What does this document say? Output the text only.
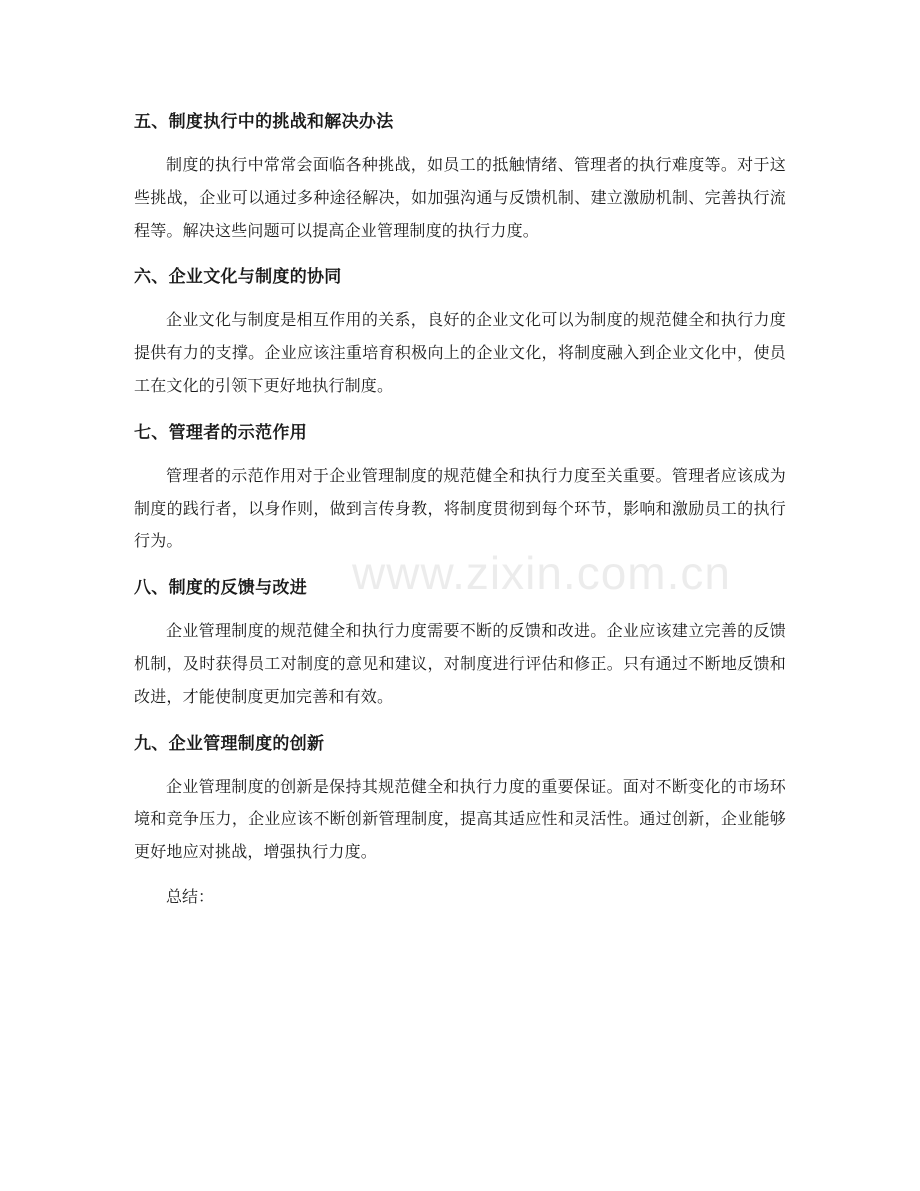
www.zixin.com.cn
五、制度执行中的挑战和解决办法

制度的执行中常常会面临各种挑战，如员工的抵触情绪、管理者的执行难度等。对于这些挑战，企业可以通过多种途径解决，如加强沟通与反馈机制、建立激励机制、完善执行流程等。解决这些问题可以提高企业管理制度的执行力度。

六、企业文化与制度的协同

企业文化与制度是相互作用的关系，良好的企业文化可以为制度的规范健全和执行力度提供有力的支撑。企业应该注重培育积极向上的企业文化，将制度融入到企业文化中，使员工在文化的引领下更好地执行制度。

七、管理者的示范作用

管理者的示范作用对于企业管理制度的规范健全和执行力度至关重要。管理者应该成为制度的践行者，以身作则，做到言传身教，将制度贯彻到每个环节，影响和激励员工的执行行为。

八、制度的反馈与改进

企业管理制度的规范健全和执行力度需要不断的反馈和改进。企业应该建立完善的反馈机制，及时获得员工对制度的意见和建议，对制度进行评估和修正。只有通过不断地反馈和改进，才能使制度更加完善和有效。

九、企业管理制度的创新

企业管理制度的创新是保持其规范健全和执行力度的重要保证。面对不断变化的市场环境和竞争压力，企业应该不断创新管理制度，提高其适应性和灵活性。通过创新，企业能够更好地应对挑战，增强执行力度。

总结：
